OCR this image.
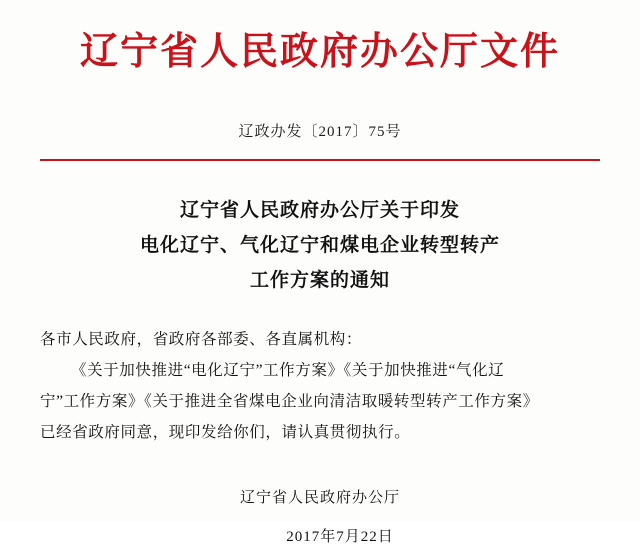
辽宁省人民政府办公厅文件
辽政办发〔2017〕75号
辽宁省人民政府办公厅关于印发
电化辽宁、气化辽宁和煤电企业转型转产
工作方案的通知

各市人民政府，省政府各部委、各直属机构：

《关于加快推进“电化辽宁”工作方案》《关于加快推进“气化辽

宁”工作方案》《关于推进全省煤电企业向清洁取暖转型转产工作方案》

已经省政府同意，现印发给你们，请认真贯彻执行。

辽宁省人民政府办公厅
2017年7月22日
